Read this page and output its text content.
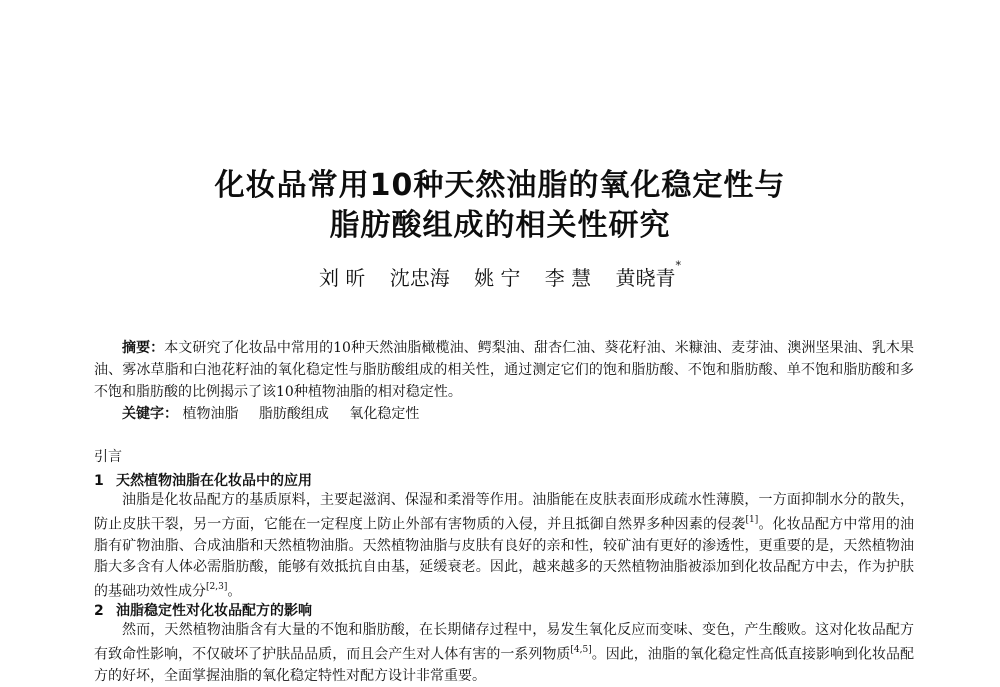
化妆品常用10种天然油脂的氧化稳定性与
脂肪酸组成的相关性研究
刘 昕 沈忠海 姚 宁 李 慧 黄晓青*
摘要：本文研究了化妆品中常用的10种天然油脂橄榄油、鳄梨油、甜杏仁油、葵花籽油、米糠油、麦芽油、澳洲坚果油、乳木果油、雾冰草脂和白池花籽油的氧化稳定性与脂肪酸组成的相关性，通过测定它们的饱和脂肪酸、不饱和脂肪酸、单不饱和脂肪酸和多不饱和脂肪酸的比例揭示了该10种植物油脂的相对稳定性。
关键字： 植物油脂 脂肪酸组成 氧化稳定性
引言
1 天然植物油脂在化妆品中的应用
油脂是化妆品配方的基质原料，主要起滋润、保湿和柔滑等作用。油脂能在皮肤表面形成疏水性薄膜，一方面抑制水分的散失，防止皮肤干裂，另一方面，它能在一定程度上防止外部有害物质的入侵，并且抵御自然界多种因素的侵袭[1]。化妆品配方中常用的油脂有矿物油脂、合成油脂和天然植物油脂。天然植物油脂与皮肤有良好的亲和性，较矿油有更好的渗透性，更重要的是，天然植物油脂大多含有人体必需脂肪酸，能够有效抵抗自由基，延缓衰老。因此，越来越多的天然植物油脂被添加到化妆品配方中去，作为护肤的基础功效性成分[2,3]。
2 油脂稳定性对化妆品配方的影响
然而，天然植物油脂含有大量的不饱和脂肪酸，在长期储存过程中，易发生氧化反应而变味、变色，产生酸败。这对化妆品配方有致命性影响，不仅破坏了护肤品品质，而且会产生对人体有害的一系列物质[4,5]。因此，油脂的氧化稳定性高低直接影响到化妆品配方的好坏，全面掌握油脂的氧化稳定特性对配方设计非常重要。
